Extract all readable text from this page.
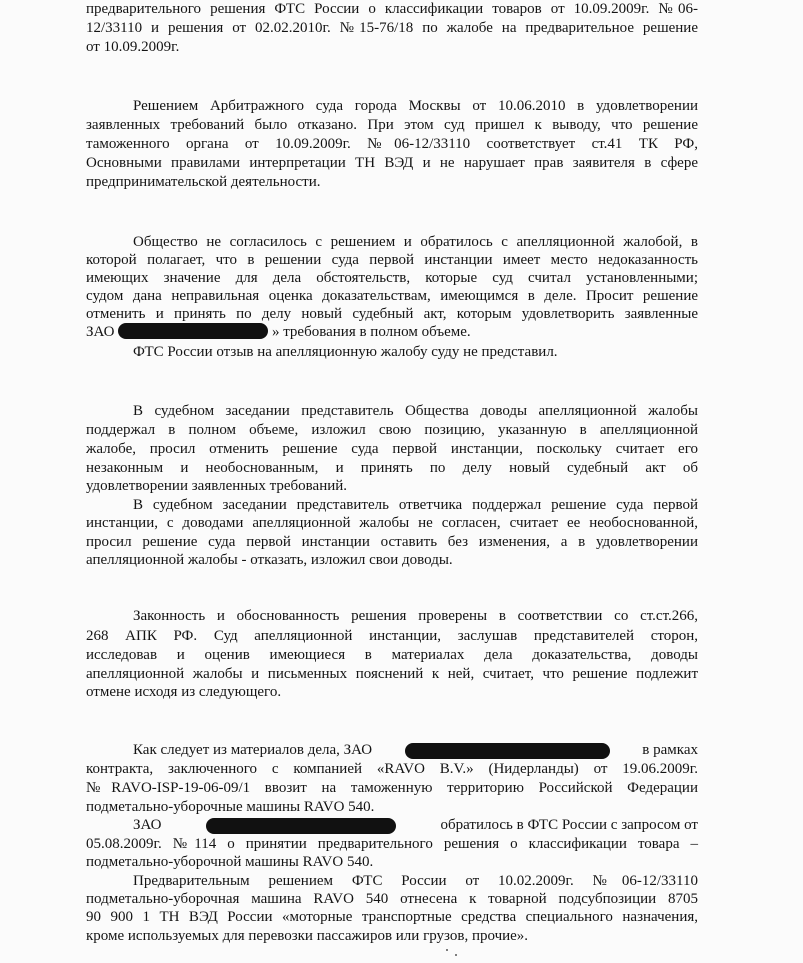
предварительного решения ФТС России о классификации товаров от 10.09.2009г. №06-
12/33110 и решения от 02.02.2010г. №15-76/18 по жалобе на предварительное решение
от 10.09.2009г.
Решением Арбитражного суда города Москвы от 10.06.2010 в удовлетворении
заявленных требований было отказано. При этом суд пришел к выводу, что решение
таможенного органа от 10.09.2009г. №06-12/33110 соответствует ст.41 ТК РФ,
Основными правилами интерпретации ТН ВЭД и не нарушает прав заявителя в сфере
предпринимательской деятельности.
Общество не согласилось с решением и обратилось с апелляционной жалобой, в
которой полагает, что в решении суда первой инстанции имеет место недоказанность
имеющих значение для дела обстоятельств, которые суд считал установленными;
судом дана неправильная оценка доказательствам, имеющимся в деле. Просит решение
отменить и принять по делу новый судебный акт, которым удовлетворить заявленные
ЗАО	» требования в полном объеме.
ФТС России отзыв на апелляционную жалобу суду не представил.
В судебном заседании представитель Общества доводы апелляционной жалобы
поддержал в полном объеме, изложил свою позицию, указанную в апелляционной
жалобе, просил отменить решение суда первой инстанции, поскольку считает его
незаконным и необоснованным, и принять по делу новый судебный акт об
удовлетворении заявленных требований.
В судебном заседании представитель ответчика поддержал решение суда первой
инстанции, с доводами апелляционной жалобы не согласен, считает ее необоснованной,
просил решение суда первой инстанции оставить без изменения, а в удовлетворении
апелляционной жалобы - отказать, изложил свои доводы.
Законность и обоснованность решения проверены в соответствии со ст.ст.266,
268 АПК РФ. Суд апелляционной инстанции, заслушав представителей сторон,
исследовав и оценив имеющиеся в материалах дела доказательства, доводы
апелляционной жалобы и письменных пояснений к ней, считает, что решение подлежит
отмене исходя из следующего.
Как следует из материалов дела, ЗАО	в рамках
контракта, заключенного с компанией «RAVO B.V.» (Нидерланды) от 19.06.2009г.
№RAVO-ISP-19-06-09/1 ввозит на таможенную территорию Российской Федерации
подметально-уборочные машины RAVO 540.
ЗАО	обратилось в ФТС России с запросом от
05.08.2009г. №114 о принятии предварительного решения о классификации товара –
подметально-уборочной машины RAVO 540.
Предварительным решением ФТС России от 10.02.2009г. №06-12/33110
подметально-уборочная машина RAVO 540 отнесена к товарной подсубпозиции 8705
90 900 1 ТН ВЭД России «моторные транспортные средства специального назначения,
кроме используемых для перевозки пассажиров или грузов, прочие».
